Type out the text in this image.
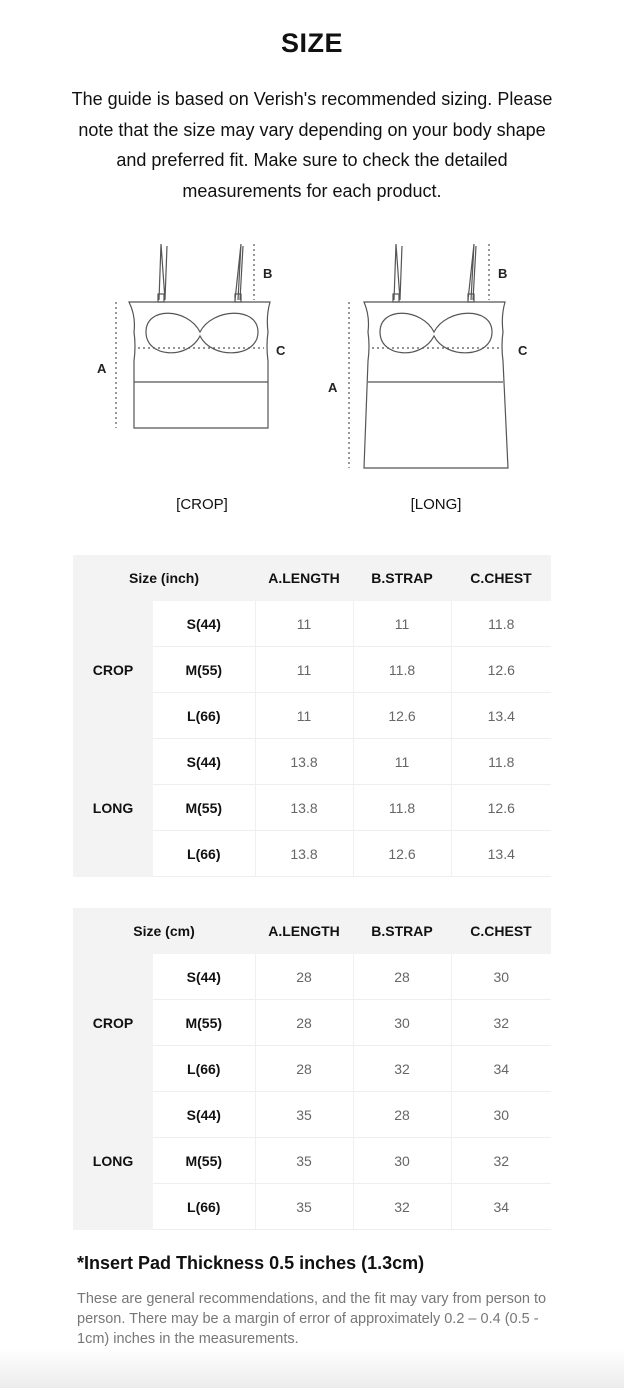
SIZE
The guide is based on Verish's recommended sizing. Please note that the size may vary depending on your body shape and preferred fit. Make sure to check the detailed measurements for each product.
A
B
C
A
B
C
[CROP]	[LONG]
Size (inch)		A.LENGTH	B.STRAP	C.CHEST
CROP	S(44)	11	11	11.8
	M(55)	11	11.8	12.6
	L(66)	11	12.6	13.4
LONG	S(44)	13.8	11	11.8
	M(55)	13.8	11.8	12.6
	L(66)	13.8	12.6	13.4
Size (cm)		A.LENGTH	B.STRAP	C.CHEST
CROP	S(44)	28	28	30
	M(55)	28	30	32
	L(66)	28	32	34
LONG	S(44)	35	28	30
	M(55)	35	30	32
	L(66)	35	32	34
*Insert Pad Thickness 0.5 inches (1.3cm)
These are general recommendations, and the fit may vary from person to person. There may be a margin of error of approximately 0.2 – 0.4 (0.5 - 1cm) inches in the measurements.
